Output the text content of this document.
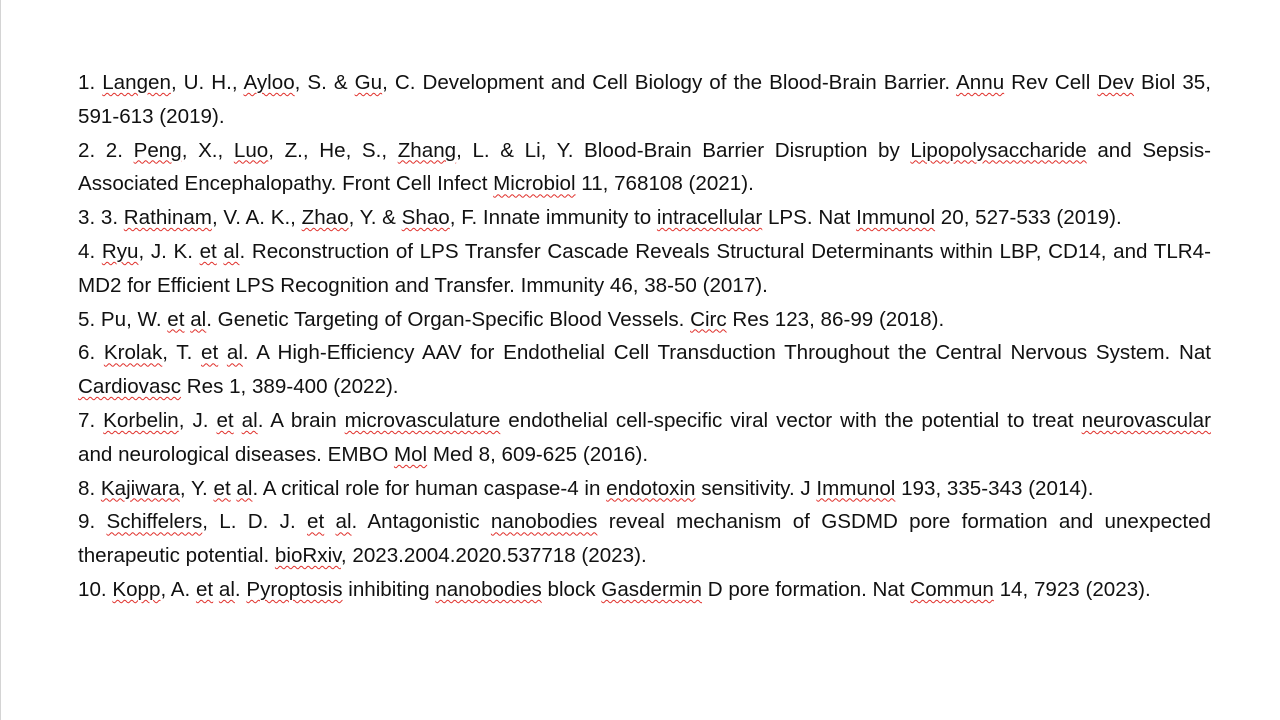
1. Langen, U. H., Ayloo, S. & Gu, C. Development and Cell Biology of the Blood-Brain Barrier. Annu Rev Cell Dev Biol 35, 591-613 (2019).

2. 2. Peng, X., Luo, Z., He, S., Zhang, L. & Li, Y. Blood-Brain Barrier Disruption by Lipopolysaccharide and Sepsis-Associated Encephalopathy. Front Cell Infect Microbiol 11, 768108 (2021).

3. 3. Rathinam, V. A. K., Zhao, Y. & Shao, F. Innate immunity to intracellular LPS. Nat Immunol 20, 527-533 (2019).

4. Ryu, J. K. et al. Reconstruction of LPS Transfer Cascade Reveals Structural Determinants within LBP, CD14, and TLR4-MD2 for Efficient LPS Recognition and Transfer. Immunity 46, 38-50 (2017).

5. Pu, W. et al. Genetic Targeting of Organ-Specific Blood Vessels. Circ Res 123, 86-99 (2018).

6. Krolak, T. et al. A High-Efficiency AAV for Endothelial Cell Transduction Throughout the Central Nervous System. Nat Cardiovasc Res 1, 389-400 (2022).

7. Korbelin, J. et al. A brain microvasculature endothelial cell-specific viral vector with the potential to treat neurovascular and neurological diseases. EMBO Mol Med 8, 609-625 (2016).

8. Kajiwara, Y. et al. A critical role for human caspase-4 in endotoxin sensitivity. J Immunol 193, 335-343 (2014).

9. Schiffelers, L. D. J. et al. Antagonistic nanobodies reveal mechanism of GSDMD pore formation and unexpected therapeutic potential. bioRxiv, 2023.2004.2020.537718 (2023).

10. Kopp, A. et al. Pyroptosis inhibiting nanobodies block Gasdermin D pore formation. Nat Commun 14, 7923 (2023).
